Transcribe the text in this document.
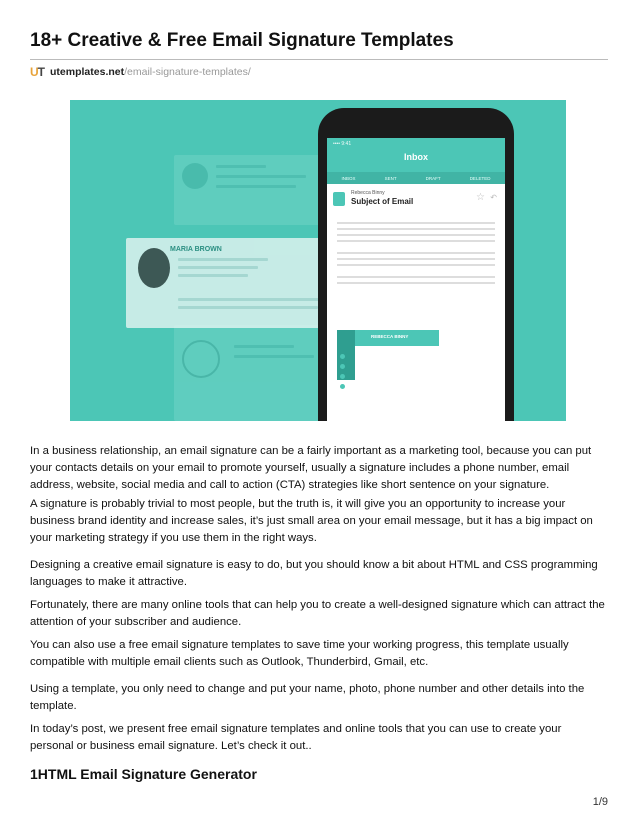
18+ Creative & Free Email Signature Templates
UT utemplates.net /email-signature-templates/
MARIA BROWN
•••• 9:41
Inbox
INBOX	SENT	DRAFT	DELETED
Rebecca Binny
Subject of Email	☆ ↶
REBECCA BINNY

In a business relationship, an email signature can be a fairly important as a marketing tool, because you can put your contacts details on your email to promote yourself, usually a signature includes a phone number, email address, website, social media and call to action (CTA) strategies like short sentence on your signature.

A signature is probably trivial to most people, but the truth is, it will give you an opportunity to increase your business brand identity and increase sales, it’s just small area on your email message, but it has a big impact on your marketing strategy if you use them in the right ways.

Designing a creative email signature is easy to do, but you should know a bit about HTML and CSS programming languages to make it attractive.

Fortunately, there are many online tools that can help you to create a well-designed signature which can attract the attention of your subscriber and audience.

You can also use a free email signature templates to save time your working progress, this template usually compatible with multiple email clients such as Outlook, Thunderbird, Gmail, etc.

Using a template, you only need to change and put your name, photo, phone number and other details into the template.

In today’s post, we present free email signature templates and online tools that you can use to create your personal or business email signature. Let’s check it out..

1HTML Email Signature Generator
1/9
